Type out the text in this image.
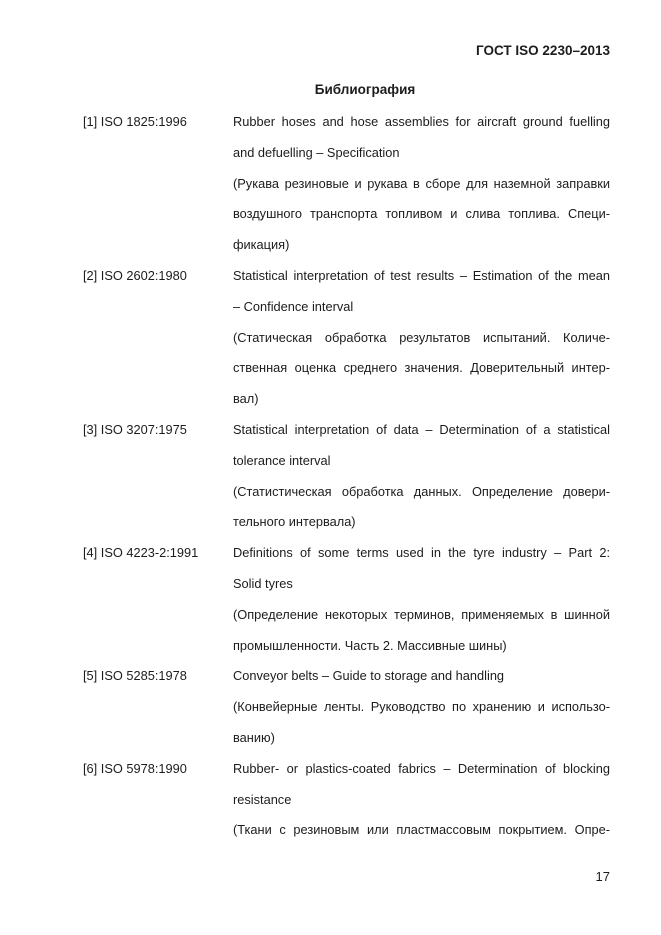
ГОСТ ISO 2230–2013
Библиография
[1] ISO 1825:1996	Rubber hoses and hose assemblies for aircraft ground fuelling
and defuelling – Specification
(Рукава резиновые и рукава в сборе для наземной заправки
воздушного транспорта топливом и слива топлива. Специ-
фикация)
[2] ISO 2602:1980	Statistical interpretation of test results – Estimation of the mean
– Confidence interval
(Статическая обработка результатов испытаний. Количе-
ственная оценка среднего значения. Доверительный интер-
вал)
[3] ISO 3207:1975	Statistical interpretation of data – Determination of a statistical
tolerance interval
(Статистическая обработка данных. Определение довери-
тельного интервала)
[4] ISO 4223-2:1991	Definitions of some terms used in the tyre industry – Part 2:
Solid tyres
(Определение некоторых терминов, применяемых в шинной
промышленности. Часть 2. Массивные шины)
[5] ISO 5285:1978	Conveyor belts – Guide to storage and handling
(Конвейерные ленты. Руководство по хранению и использо-
ванию)
[6] ISO 5978:1990	Rubber- or plastics-coated fabrics – Determination of blocking
resistance
(Ткани с резиновым или пластмассовым покрытием. Опре-
17
